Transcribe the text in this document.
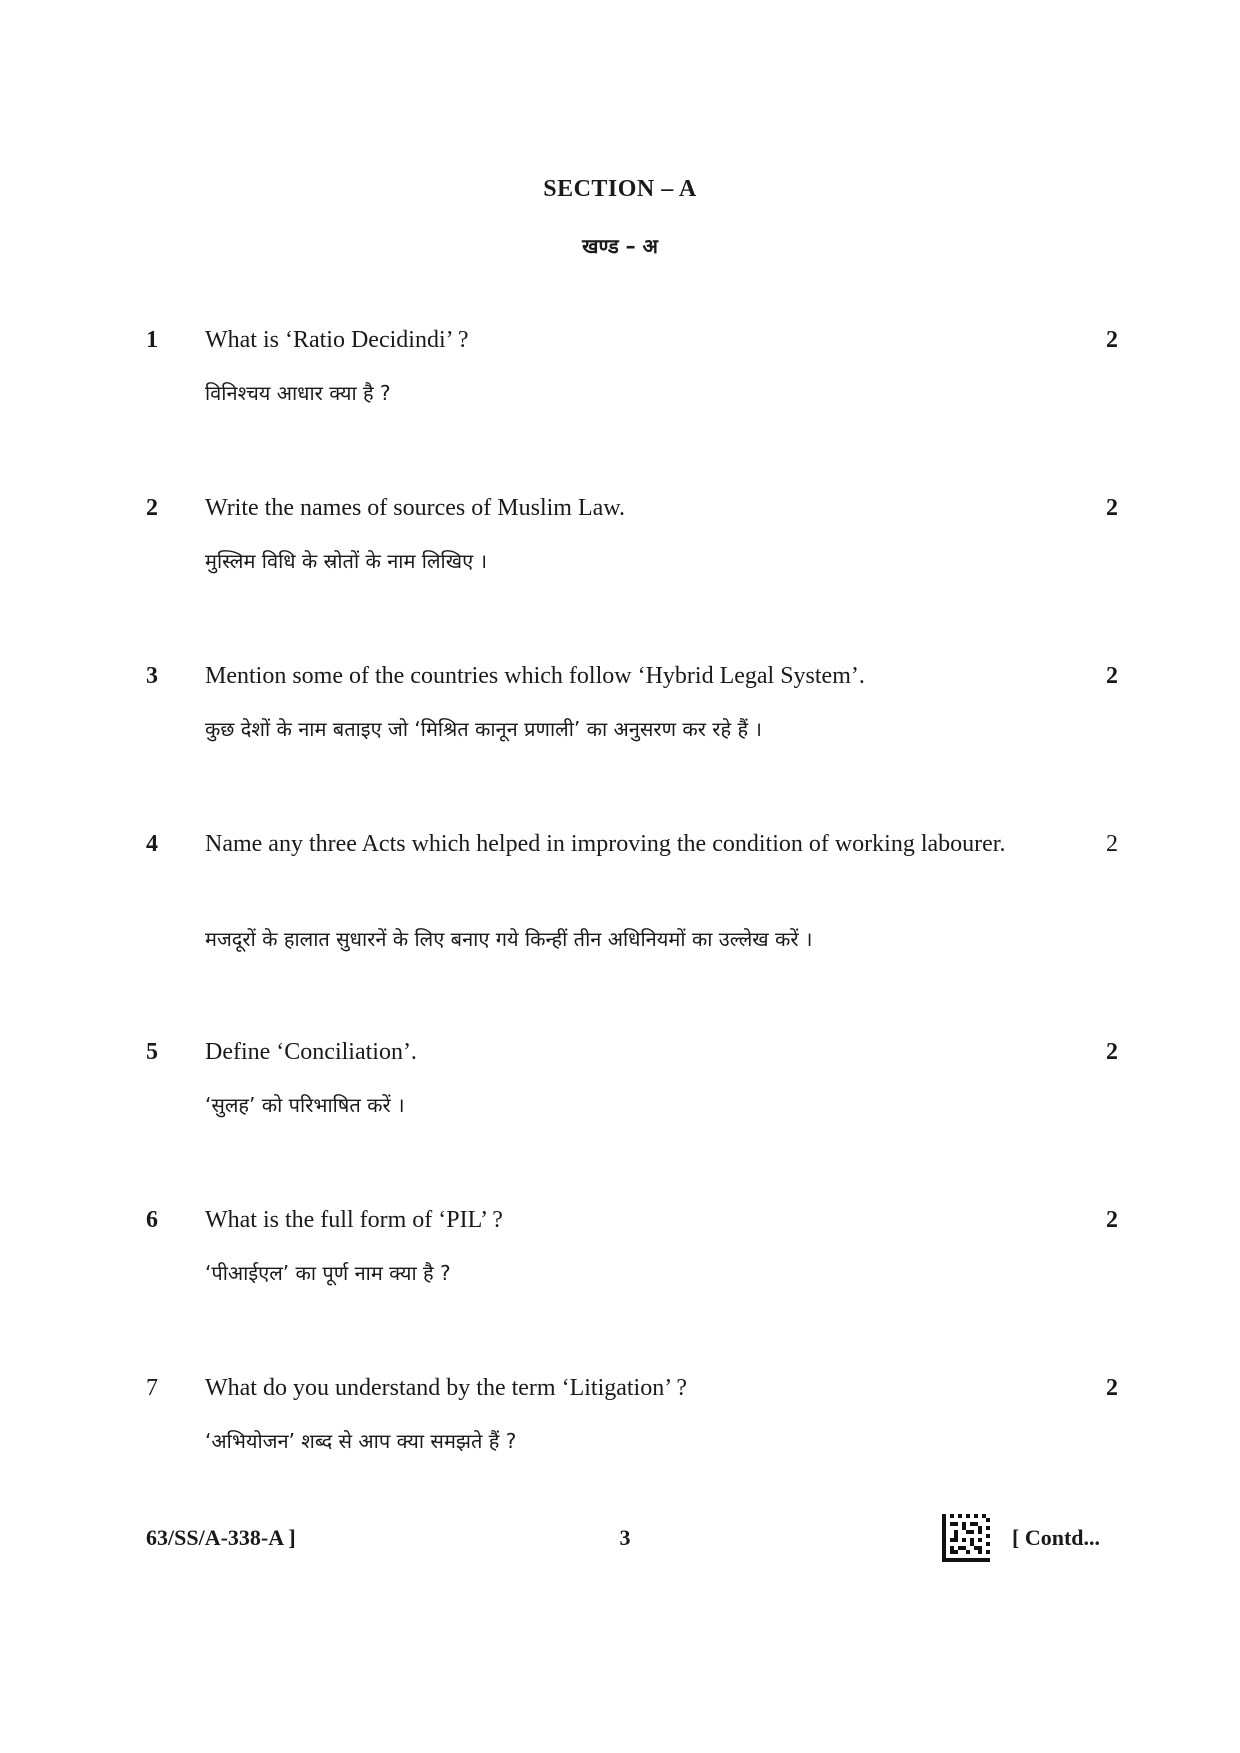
SECTION – A
खण्ड – अ
1 What is ‘Ratio Decidindi’ ?
विनिश्चय आधार क्या है ?
2
2 Write the names of sources of Muslim Law.
मुस्लिम विधि के स्रोतों के नाम लिखिए ।
2
3 Mention some of the countries which follow ‘Hybrid Legal System’.
कुछ देशों के नाम बताइए जो ‘मिश्रित कानून प्रणाली’ का अनुसरण कर रहे हैं ।
2
4 Name any three Acts which helped in improving the condition of working labourer.
मजदूरों के हालात सुधारनें के लिए बनाए गये किन्हीं तीन अधिनियमों का उल्लेख करें ।
2
5 Define ‘Conciliation’.
‘सुलह’ को परिभाषित करें ।
2
6 What is the full form of ‘PIL’ ?
‘पीआईएल’ का पूर्ण नाम क्या है ?
2
7 What do you understand by the term ‘Litigation’ ?
‘अभियोजन’ शब्द से आप क्या समझते हैं ?
2
63/SS/A-338-A ]	3	[ Contd...
